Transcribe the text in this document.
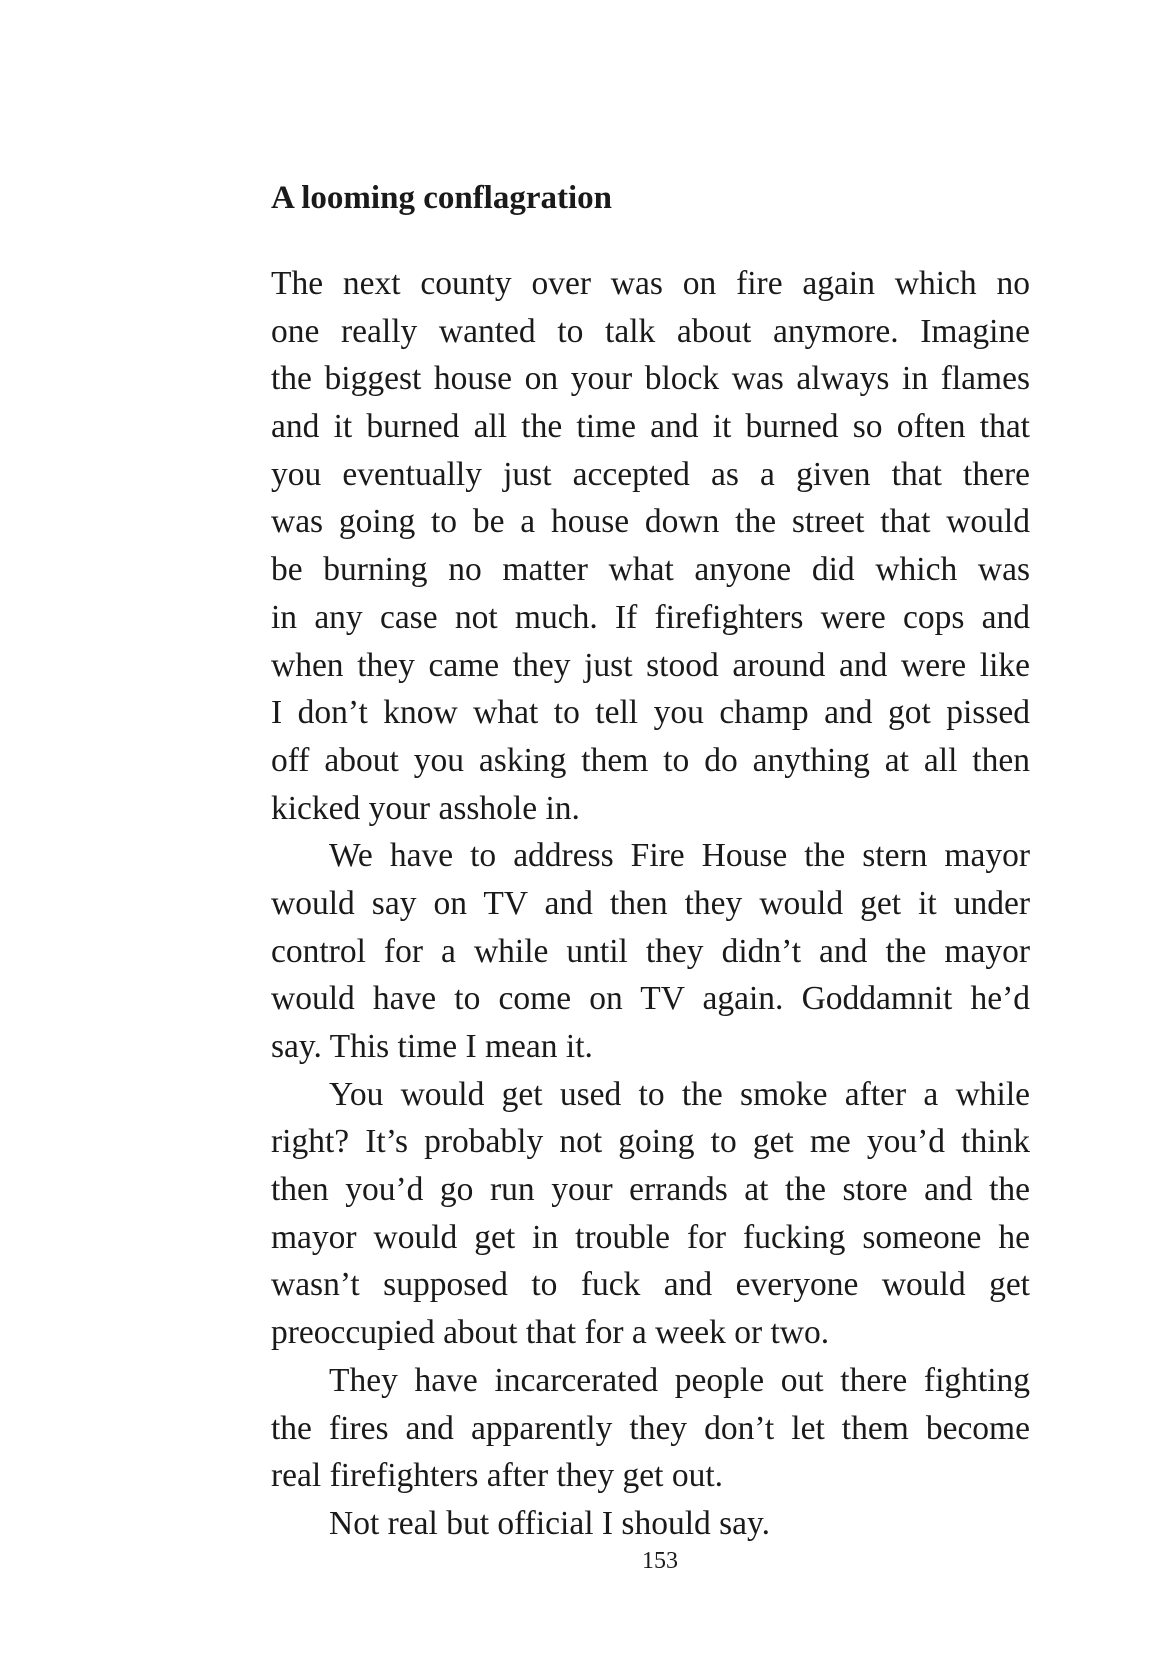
A looming conflagration
The next county over was on fire again which no
one really wanted to talk about anymore. Imagine
the biggest house on your block was always in flames
and it burned all the time and it burned so often that
you eventually just accepted as a given that there
was going to be a house down the street that would
be burning no matter what anyone did which was
in any case not much. If firefighters were cops and
when they came they just stood around and were like
I don’t know what to tell you champ and got pissed
off about you asking them to do anything at all then
kicked your asshole in.
We have to address Fire House the stern mayor
would say on TV and then they would get it under
control for a while until they didn’t and the mayor
would have to come on TV again. Goddamnit he’d
say. This time I mean it.
You would get used to the smoke after a while
right? It’s probably not going to get me you’d think
then you’d go run your errands at the store and the
mayor would get in trouble for fucking someone he
wasn’t supposed to fuck and everyone would get
preoccupied about that for a week or two.
They have incarcerated people out there fighting
the fires and apparently they don’t let them become
real firefighters after they get out.
Not real but official I should say.
153
